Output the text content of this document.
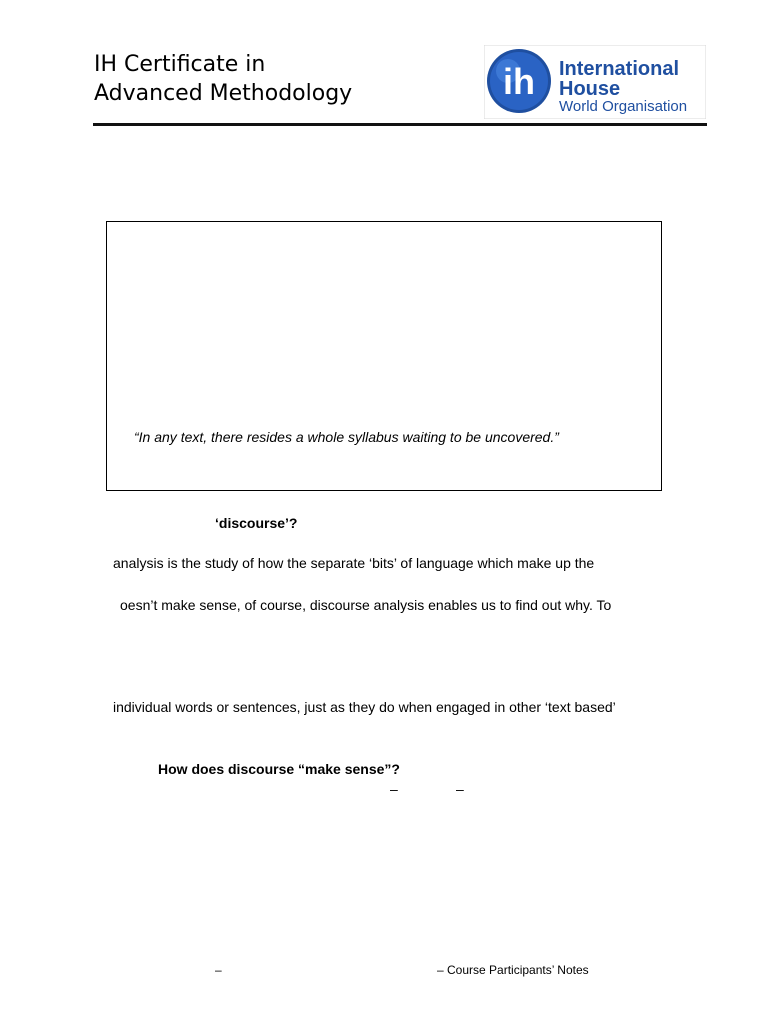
IH Certificate in
Advanced Methodology	ih International
House
World Organisation
“In any text, there resides a whole syllabus waiting to be uncovered.”
‘discourse’?
analysis is the study of how the separate ‘bits’ of language which make up the
oesn’t make sense, of course, discourse analysis enables us to find out why. To
individual words or sentences, just as they do when engaged in other ‘text based’
How does discourse “make sense”?
–	–
–	– Course Participants’ Notes
